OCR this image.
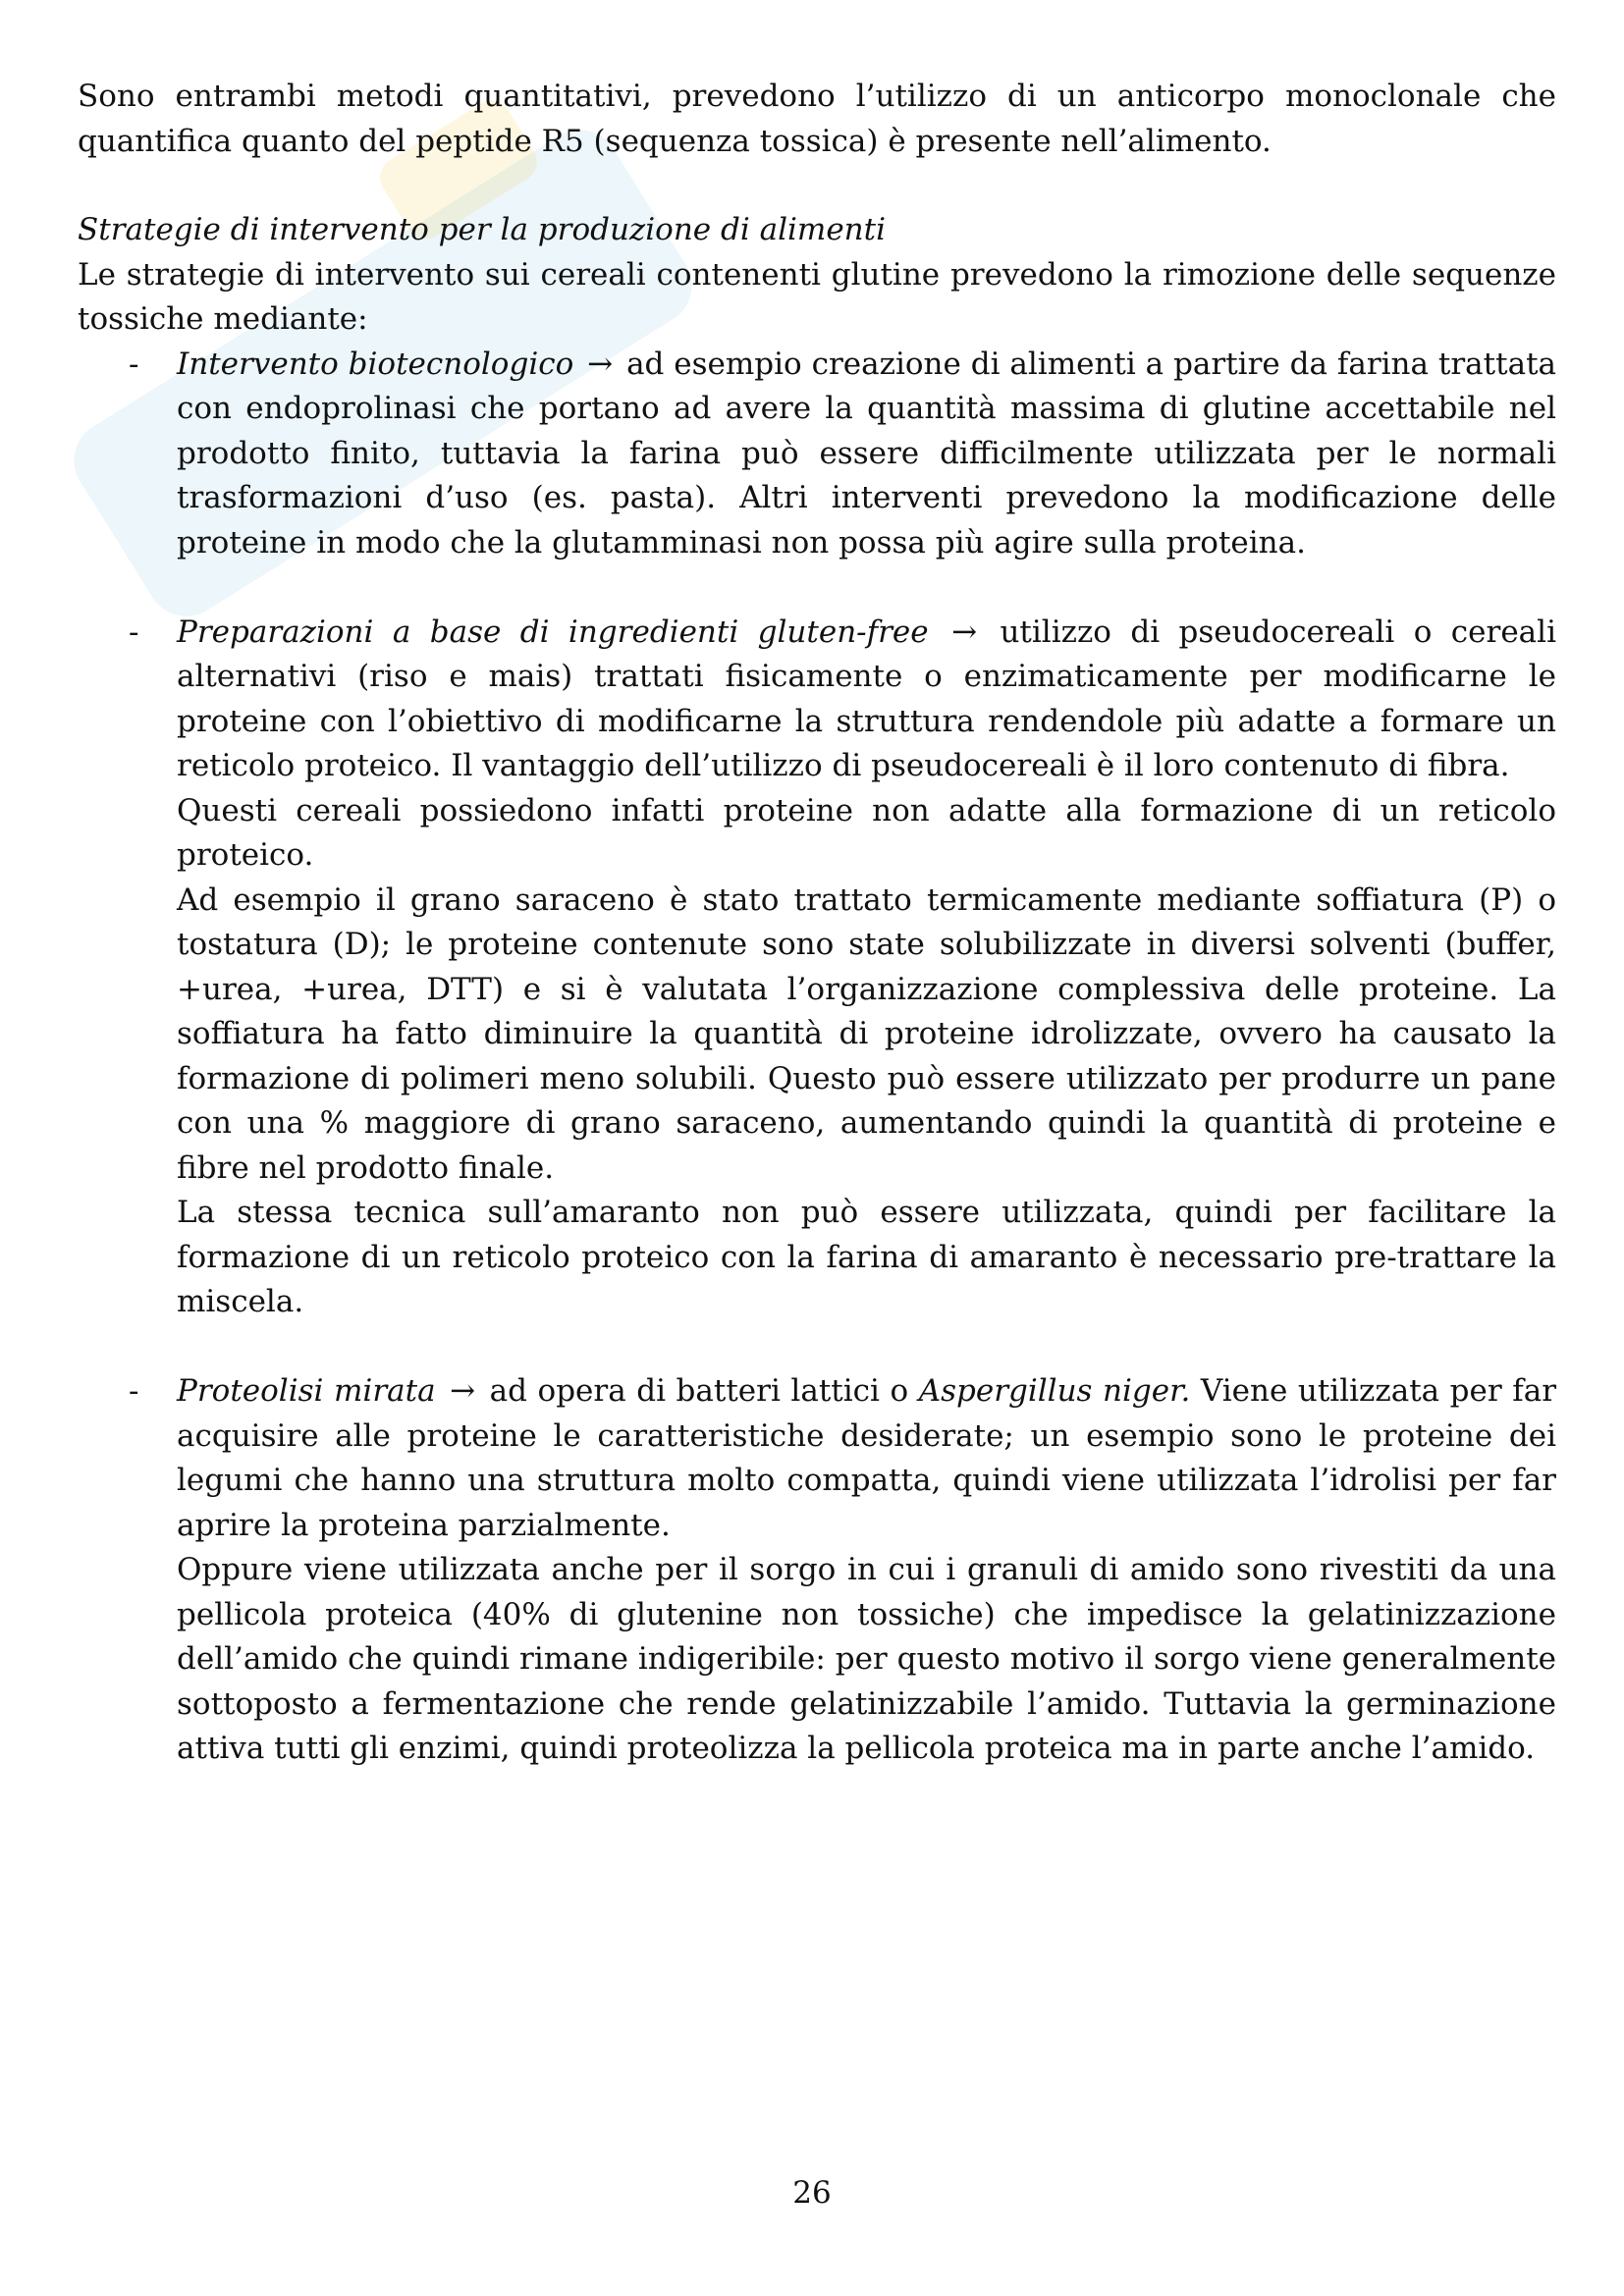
Sono entrambi metodi quantitativi, prevedono l’utilizzo di un anticorpo monoclonale che quantifica quanto del peptide R5 (sequenza tossica) è presente nell’alimento.

Strategie di intervento per la produzione di alimenti

Le strategie di intervento sui cereali contenenti glutine prevedono la rimozione delle sequenze tossiche mediante:

- Intervento biotecnologico → ad esempio creazione di alimenti a partire da farina trattata con endoprolinasi che portano ad avere la quantità massima di glutine accettabile nel prodotto finito, tuttavia la farina può essere difficilmente utilizzata per le normali trasformazioni d’uso (es. pasta). Altri interventi prevedono la modificazione delle proteine in modo che la glutamminasi non possa più agire sulla proteina.

- Preparazioni a base di ingredienti gluten-free → utilizzo di pseudocereali o cereali alternativi (riso e mais) trattati fisicamente o enzimaticamente per modificarne le proteine con l’obiettivo di modificarne la struttura rendendole più adatte a formare un reticolo proteico. Il vantaggio dell’utilizzo di pseudocereali è il loro contenuto di fibra.

Questi cereali possiedono infatti proteine non adatte alla formazione di un reticolo proteico.

Ad esempio il grano saraceno è stato trattato termicamente mediante soffiatura (P) o tostatura (D); le proteine contenute sono state solubilizzate in diversi solventi (buffer, +urea, +urea, DTT) e si è valutata l’organizzazione complessiva delle proteine. La soffiatura ha fatto diminuire la quantità di proteine idrolizzate, ovvero ha causato la formazione di polimeri meno solubili. Questo può essere utilizzato per produrre un pane con una % maggiore di grano saraceno, aumentando quindi la quantità di proteine e fibre nel prodotto finale.

La stessa tecnica sull’amaranto non può essere utilizzata, quindi per facilitare la formazione di un reticolo proteico con la farina di amaranto è necessario pre-trattare la miscela.

- Proteolisi mirata → ad opera di batteri lattici o Aspergillus niger. Viene utilizzata per far acquisire alle proteine le caratteristiche desiderate; un esempio sono le proteine dei legumi che hanno una struttura molto compatta, quindi viene utilizzata l’idrolisi per far aprire la proteina parzialmente.

Oppure viene utilizzata anche per il sorgo in cui i granuli di amido sono rivestiti da una pellicola proteica (40% di glutenine non tossiche) che impedisce la gelatinizzazione dell’amido che quindi rimane indigeribile: per questo motivo il sorgo viene generalmente sottoposto a fermentazione che rende gelatinizzabile l’amido. Tuttavia la germinazione attiva tutti gli enzimi, quindi proteolizza la pellicola proteica ma in parte anche l’amido.

26
